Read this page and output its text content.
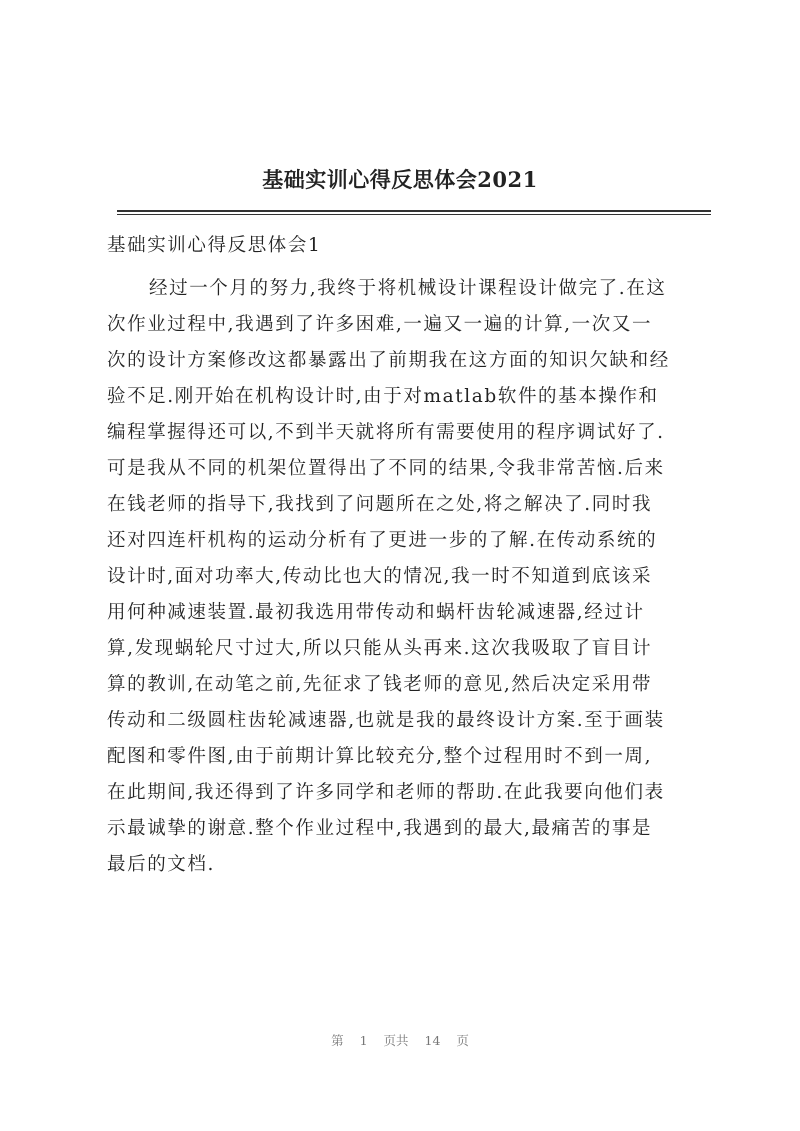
基础实训心得反思体会2021
基础实训心得反思体会1
经过一个月的努力,我终于将机械设计课程设计做完了.在这
次作业过程中,我遇到了许多困难,一遍又一遍的计算,一次又一
次的设计方案修改这都暴露出了前期我在这方面的知识欠缺和经
验不足.刚开始在机构设计时,由于对matlab软件的基本操作和
编程掌握得还可以,不到半天就将所有需要使用的程序调试好了.
可是我从不同的机架位置得出了不同的结果,令我非常苦恼.后来
在钱老师的指导下,我找到了问题所在之处,将之解决了.同时我
还对四连杆机构的运动分析有了更进一步的了解.在传动系统的
设计时,面对功率大,传动比也大的情况,我一时不知道到底该采
用何种减速装置.最初我选用带传动和蜗杆齿轮减速器,经过计
算,发现蜗轮尺寸过大,所以只能从头再来.这次我吸取了盲目计
算的教训,在动笔之前,先征求了钱老师的意见,然后决定采用带
传动和二级圆柱齿轮减速器,也就是我的最终设计方案.至于画装
配图和零件图,由于前期计算比较充分,整个过程用时不到一周,
在此期间,我还得到了许多同学和老师的帮助.在此我要向他们表
示最诚挚的谢意.整个作业过程中,我遇到的最大,最痛苦的事是
最后的文档.
第 1 页共 14 页
